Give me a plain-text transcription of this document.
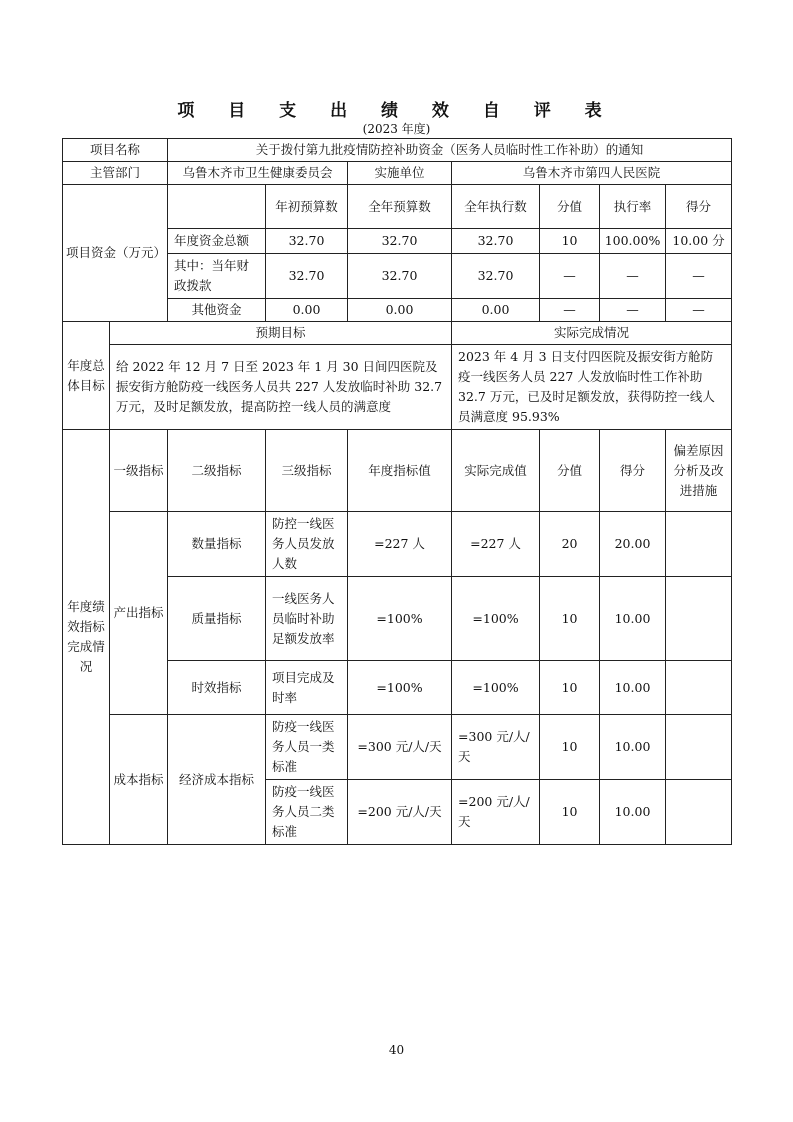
项 目 支 出 绩 效 自 评 表
(2023 年度)
项目名称		关于拨付第九批疫情防控补助资金（医务人员临时性工作补助）的通知						
主管部门		乌鲁木齐市卫生健康委员会		实施单位	乌鲁木齐市第四人民医院			
项目资金（万元）			年初预算数	全年预算数	全年执行数	分值	执行率	得分
		年度资金总额	32.70	32.70	32.70	10	100.00%	10.00 分
		其中：当年财政拨款	32.70	32.70	32.70	—	—	—
		其他资金	0.00	0.00	0.00	—	—	—
年度总体目标	预期目标				实际完成情况			
	给 2022 年 12 月 7 日至 2023 年 1 月 30 日间四医院及振安街方舱防疫一线医务人员共 227 人发放临时补助 32.7 万元，及时足额发放，提高防控一线人员的满意度				2023 年 4 月 3 日支付四医院及振安街方舱防疫一线医务人员 227 人发放临时性工作补助 32.7 万元，已及时足额发放，获得防控一线人员满意度 95.93%			
年度绩效指标完成情况	一级指标	二级指标	三级指标	年度指标值	实际完成值	分值	得分	偏差原因分析及改进措施
	产出指标	数量指标	防控一线医务人员发放人数	=227 人	=227 人	20	20.00	
		质量指标	一线医务人员临时补助足额发放率	=100%	=100%	10	10.00	
		时效指标	项目完成及时率	=100%	=100%	10	10.00	
	成本指标	经济成本指标	防疫一线医务人员一类标准	=300 元/人/天	=300 元/人/天	10	10.00	
			防疫一线医务人员二类标准	=200 元/人/天	=200 元/人/天	10	10.00	
40
